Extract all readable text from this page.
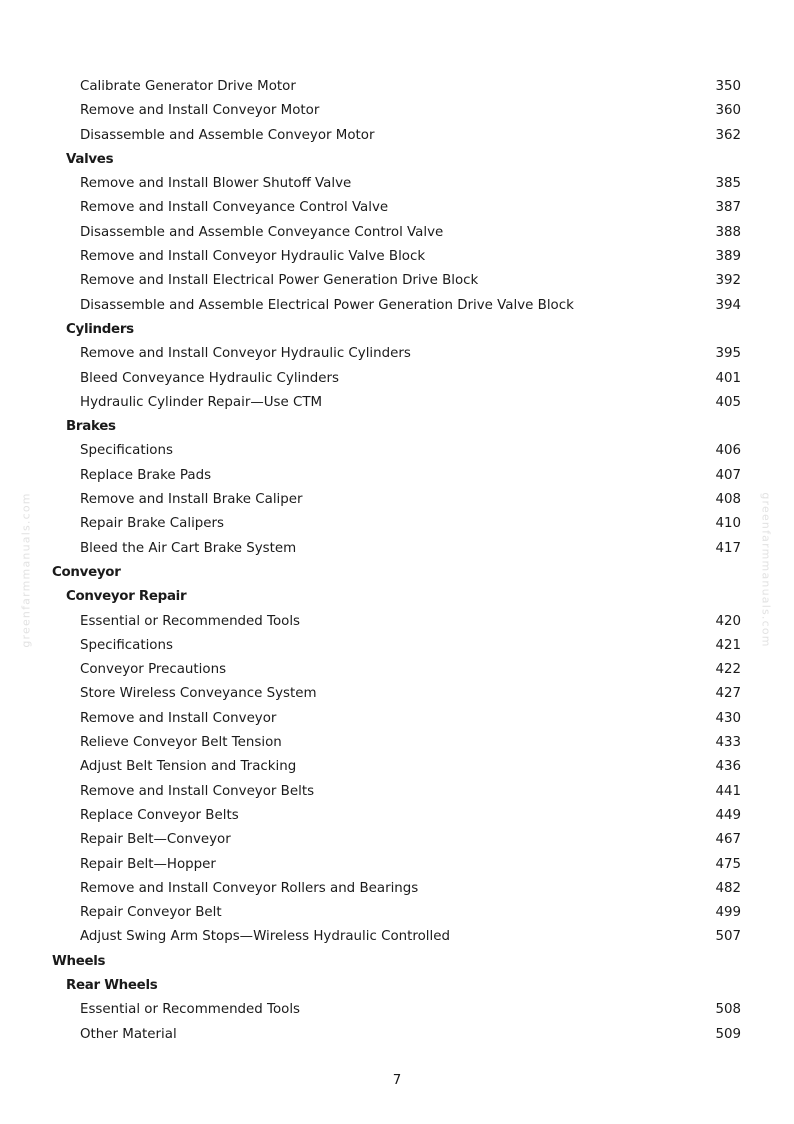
Calibrate Generator Drive Motor	350
Remove and Install Conveyor Motor	360
Disassemble and Assemble Conveyor Motor	362
Valves
Remove and Install Blower Shutoff Valve	385
Remove and Install Conveyance Control Valve	387
Disassemble and Assemble Conveyance Control Valve	388
Remove and Install Conveyor Hydraulic Valve Block	389
Remove and Install Electrical Power Generation Drive Block	392
Disassemble and Assemble Electrical Power Generation Drive Valve Block	394
Cylinders
Remove and Install Conveyor Hydraulic Cylinders	395
Bleed Conveyance Hydraulic Cylinders	401
Hydraulic Cylinder Repair—Use CTM	405
Brakes
Specifications	406
Replace Brake Pads	407
Remove and Install Brake Caliper	408
Repair Brake Calipers	410
Bleed the Air Cart Brake System	417
Conveyor
Conveyor Repair
Essential or Recommended Tools	420
Specifications	421
Conveyor Precautions	422
Store Wireless Conveyance System	427
Remove and Install Conveyor	430
Relieve Conveyor Belt Tension	433
Adjust Belt Tension and Tracking	436
Remove and Install Conveyor Belts	441
Replace Conveyor Belts	449
Repair Belt—Conveyor	467
Repair Belt—Hopper	475
Remove and Install Conveyor Rollers and Bearings	482
Repair Conveyor Belt	499
Adjust Swing Arm Stops—Wireless Hydraulic Controlled	507
Wheels
Rear Wheels
Essential or Recommended Tools	508
Other Material	509
7
greenfarmmanuals.com	greenfarmmanuals.com
